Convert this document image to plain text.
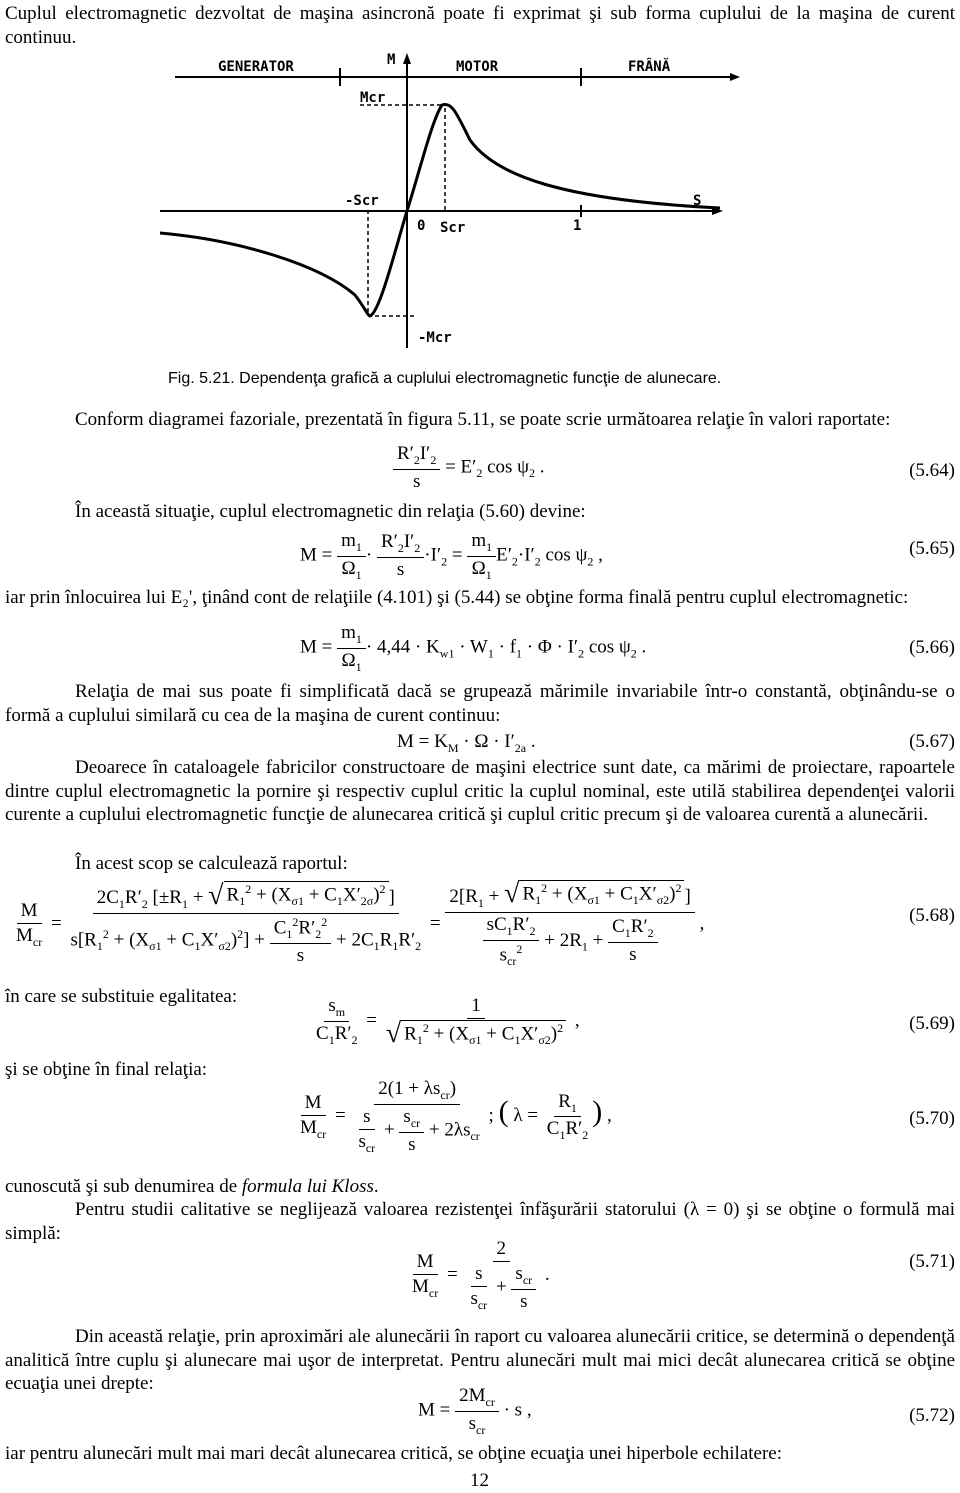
Cuplul electromagnetic dezvoltat de maşina asincronă poate fi exprimat şi sub forma cuplului de la maşina de curent continuu.
GENERATOR	MOTOR	FRÂNĂ
M
Mcr
-Scr
0 Scr	1
S
-Mcr
Fig. 5.21. Dependenţa grafică a cuplului electromagnetic funcţie de alunecare.
Conform diagramei fazoriale, prezentată în figura 5.11, se poate scrie următoarea relaţie în valori raportate:
$\frac{R'_2I'_2}{s} = E'_2$ $\cos \psi_2$ .	(5.64)
În această situaţie, cuplul electromagnetic din relaţia (5.60) devine:
$M = \frac{m_1}{\Omega_1} \cdot \frac{R'_2I'_2}{s} \cdot I'_2 = \frac{m_1}{\Omega_1} E'_2\cdot I'_2$ $\cos \psi_2$ ,	(5.65)
iar prin înlocuirea lui E₂', ţinând cont de relaţiile (4.101) şi (5.44) se obţine forma finală pentru cuplul electromagnetic:
$M = \frac{m_1}{\Omega_1} \cdot 4,44 \cdot K_{w1} \cdot W_1 \cdot f_1 \cdot \Phi \cdot I'_2$ $\cos \psi_2$ .	(5.66)
Relaţia de mai sus poate fi simplificată dacă se grupează mărimile invariabile într-o constantă, obţinându-se o formă a cuplului similară cu cea de la maşina de curent continuu:
$M = K_M \cdot \Omega \cdot I'_{2a}$ .	(5.67)
Deoarece în cataloagele fabricilor constructoare de maşini electrice sunt date, ca mărimi de proiectare, rapoartele dintre cuplul electromagnetic la pornire şi respectiv cuplul critic la cuplul nominal, este utilă stabilirea dependenţei valorii curente a cuplului electromagnetic funcţie de alunecarea critică şi cuplul critic precum şi de valoarea curentă a alunecării.
În acest scop se calculează raportul:
$\frac{M}{M_{cr}} = \frac{2C_1R'_2 [\pm R_1 + √ R_1^2 + (X_{\sigma 1} + C_1X'_{2\sigma})^2 ]}{s[R_1^2 + (X_{\sigma 1} + C_1X'_{\sigma 2})^2] + \frac{C_1^2R'_2^2}{s} + 2C_1R_1R'_2} = \frac{2[R_1 + √ R_1^2 + (X_{\sigma 1} + C_1X'_{\sigma 2})^2 ]}{\frac{sC_1R'_2}{s_{cr}^2} + 2R_1 + \frac{C_1R'_2}{s}}$ ,	(5.68)
în care se substituie egalitatea:	$\frac{s_m}{C_1R'_2} = \frac{1}{√ R_1^2 + (X_{\sigma 1} + C_1X'_{\sigma 2})^2}$ ,	(5.69)
şi se obţine în final relaţia:
$\frac{M}{M_{cr}} = \frac{2(1 + \lambda s_{cr})}{\frac{s}{s_{cr}} + \frac{s_{cr}}{s} + 2\lambda s_{cr}}$ ; ( $\lambda = \frac{R_1}{C_1R'_2}$ ) ,	(5.70)
cunoscută şi sub denumirea de formula lui Kloss.
Pentru studii calitative se neglijează valoarea rezistenţei înfăşurării statorului (λ = 0) şi se obţine o formulă mai simplă:
$\frac{M}{M_{cr}} = \frac{2}{\frac{s}{s_{cr}} + \frac{s_{cr}}{s}}$ .
(5.71)
Din această relaţie, prin aproximări ale alunecării în raport cu valoarea alunecării critice, se determină o dependenţă analitică între cuplu şi alunecare mai uşor de interpretat. Pentru alunecări mult mai mici decât alunecarea critică se obţine ecuaţia unei drepte:
$M = \frac{2M_{cr}}{s_{cr}} \cdot s$ ,	(5.72)
iar pentru alunecări mult mai mari decât alunecarea critică, se obţine ecuaţia unei hiperbole echilatere:
12
